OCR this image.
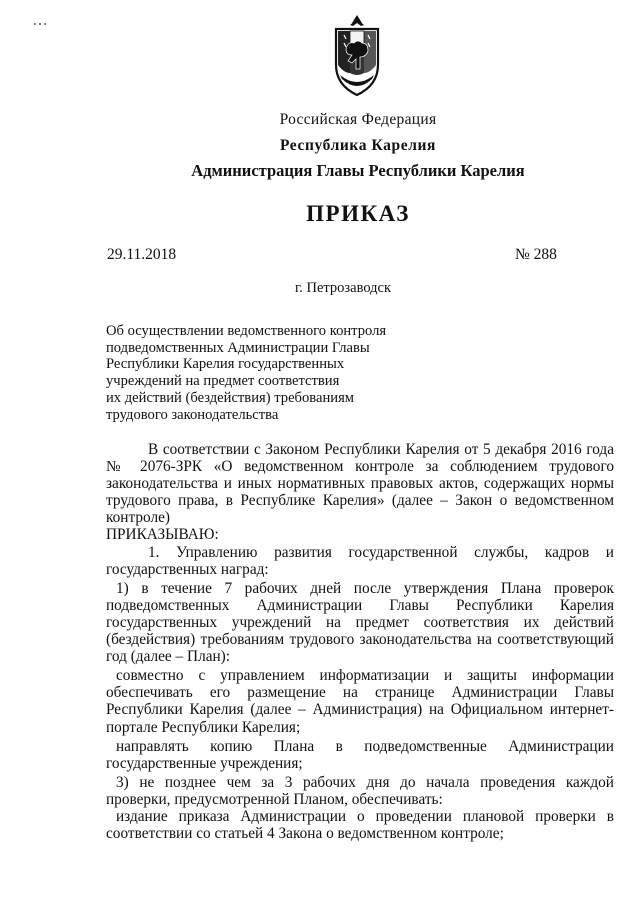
Российская Федерация
Республика Карелия
Администрация Главы Республики Карелия
ПРИКАЗ
29.11.2018	№ 288
г. Петрозаводск
Об осуществлении ведомственного контроля
подведомственных Администрации Главы
Республики Карелия государственных
учреждений на предмет соответствия
их действий (бездействия) требованиям
трудового законодательства
В соответствии с Законом Республики Карелия от 5 декабря 2016 года
№ 2076-ЗРК «О ведомственном контроле за соблюдением трудового
законодательства и иных нормативных правовых актов, содержащих нормы
трудового права, в Республике Карелия» (далее – Закон о ведомственном
контроле)
ПРИКАЗЫВАЮ:
1. Управлению развития государственной службы, кадров и
государственных наград:
1) в течение 7 рабочих дней после утверждения Плана проверок
подведомственных Администрации Главы Республики Карелия
государственных учреждений на предмет соответствия их действий
(бездействия) требованиям трудового законодательства на соответствующий
год (далее – План):
совместно с управлением информатизации и защиты информации
обеспечивать его размещение на странице Администрации Главы
Республики Карелия (далее – Администрация) на Официальном интернет-
портале Республики Карелия;
направлять копию Плана в подведомственные Администрации
государственные учреждения;
3) не позднее чем за 3 рабочих дня до начала проведения каждой
проверки, предусмотренной Планом, обеспечивать:
издание приказа Администрации о проведении плановой проверки в
соответствии со статьей 4 Закона о ведомственном контроле;
